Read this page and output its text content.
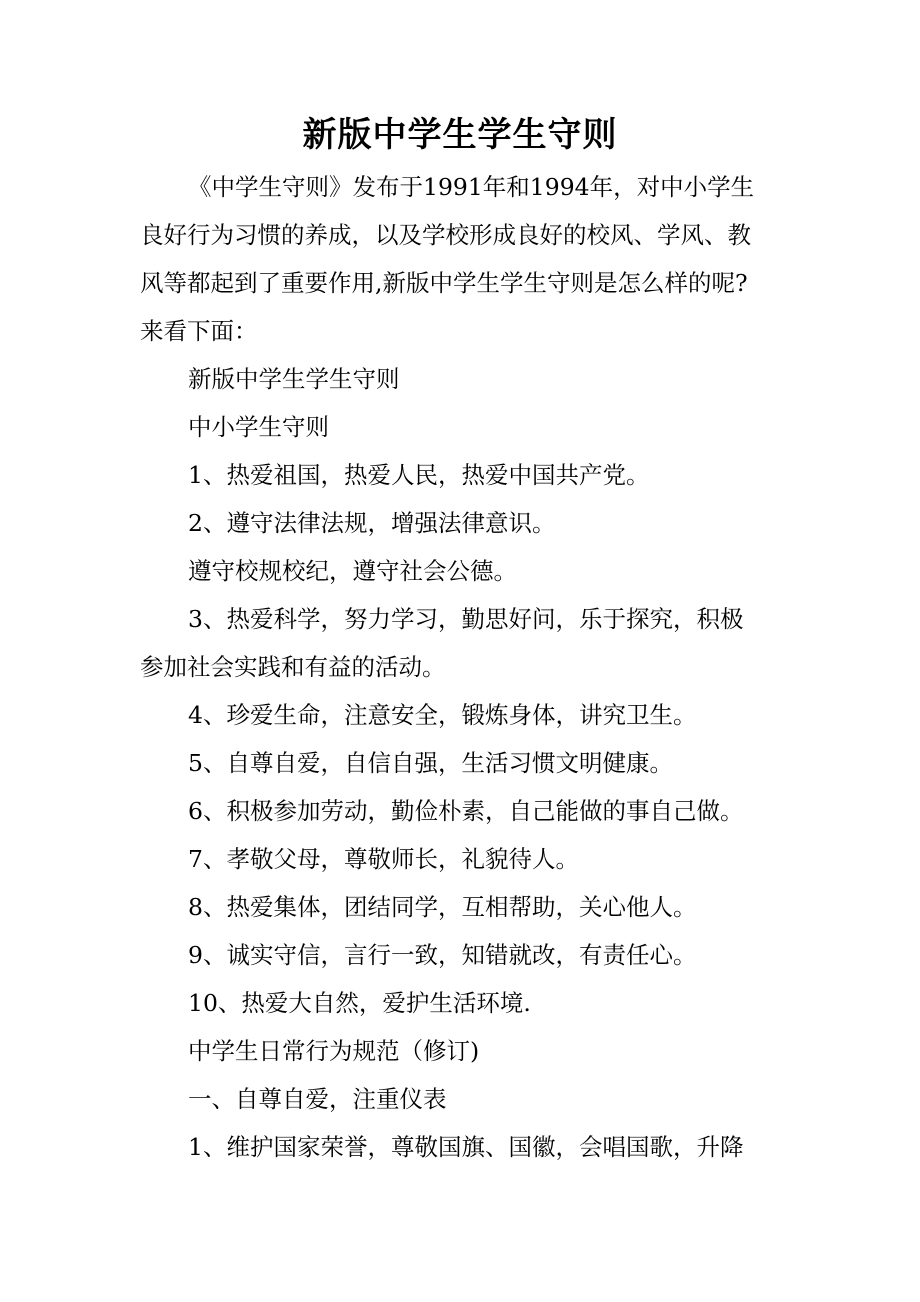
新版中学生学生守则
《中学生守则》发布于1991年和1994年，对中小学生
良好行为习惯的养成，以及学校形成良好的校风、学风、教
风等都起到了重要作用,新版中学生学生守则是怎么样的呢?
来看下面：
新版中学生学生守则
中小学生守则
1、热爱祖国，热爱人民，热爱中国共产党。
2、遵守法律法规，增强法律意识。
遵守校规校纪，遵守社会公德。
3、热爱科学，努力学习，勤思好问，乐于探究，积极
参加社会实践和有益的活动。
4、珍爱生命，注意安全，锻炼身体，讲究卫生。
5、自尊自爱，自信自强，生活习惯文明健康。
6、积极参加劳动，勤俭朴素，自己能做的事自己做。
7、孝敬父母，尊敬师长，礼貌待人。
8、热爱集体，团结同学，互相帮助，关心他人。
9、诚实守信，言行一致，知错就改，有责任心。
10、热爱大自然，爱护生活环境.
中学生日常行为规范（修订)
一、自尊自爱，注重仪表
1、维护国家荣誉，尊敬国旗、国徽，会唱国歌，升降
